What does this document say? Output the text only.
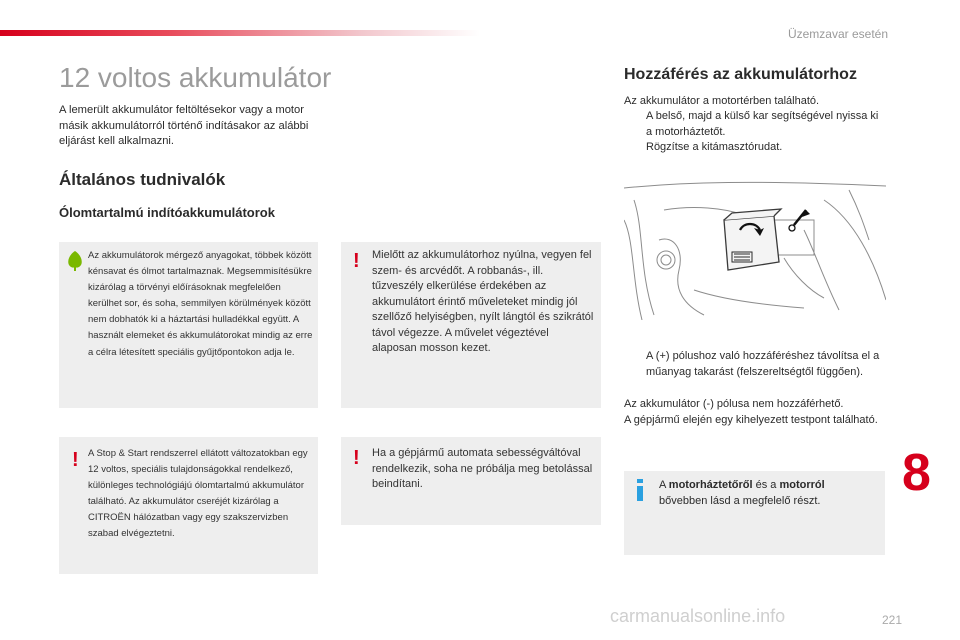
Üzemzavar esetén
12 voltos akkumulátor
A lemerült akkumulátor feltöltésekor vagy a motor másik akkumulátorról történő indításakor az alábbi eljárást kell alkalmazni.
Általános tudnivalók
Ólomtartalmú indítóakkumulátorok
Az akkumulátorok mérgező anyagokat, többek között kénsavat és ólmot tartalmaznak. Megsemmisítésükre kizárólag a törvényi előírásoknak megfelelően kerülhet sor, és soha, semmilyen körülmények között nem dobhatók ki a háztartási hulladékkal együtt. A használt elemeket és akkumulátorokat mindig az erre a célra létesített speciális gyűjtőpontokon adja le.
! A Stop & Start rendszerrel ellátott változatokban egy 12 voltos, speciális tulajdonságokkal rendelkező, különleges technológiájú ólomtartalmú akkumulátor található. Az akkumulátor cseréjét kizárólag a CITROËN hálózatban vagy egy szakszervizben szabad elvégeztetni.
! Mielőtt az akkumulátorhoz nyúlna, vegyen fel szem- és arcvédőt. A robbanás-, ill. tűzveszély elkerülése érdekében az akkumulátort érintő műveleteket mindig jól szellőző helyiségben, nyílt lángtól és szikrától távol végezze. A művelet végeztével alaposan mosson kezet.
! Ha a gépjármű automata sebességváltóval rendelkezik, soha ne próbálja meg betolással beindítani.
Hozzáférés az akkumulátorhoz
Az akkumulátor a motortérben található.
A belső, majd a külső kar segítségével nyissa ki a motorháztetőt.
Rögzítse a kitámasztórudat.
A (+) pólushoz való hozzáféréshez távolítsa el a műanyag takarást (felszereltségtől függően).
Az akkumulátor (-) pólusa nem hozzáférhető.
A gépjármű elején egy kihelyezett testpont található.
A motorháztetőről és a motorról bővebben lásd a megfelelő részt.	8
carmanualsonline.info	221
